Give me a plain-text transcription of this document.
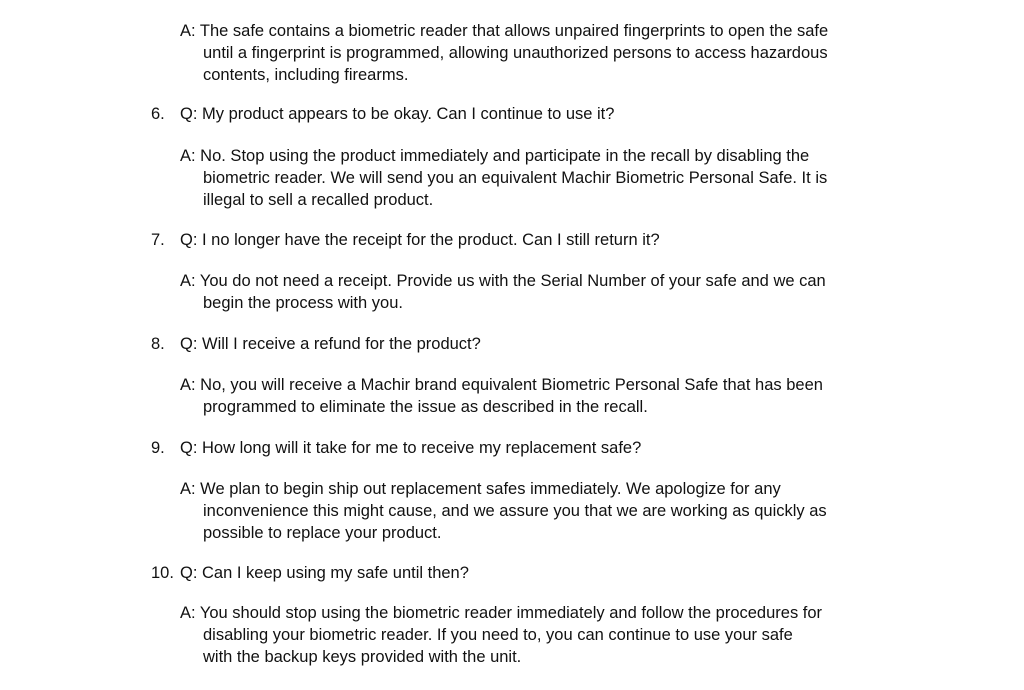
A: The safe contains a biometric reader that allows unpaired fingerprints to open the safe
until a fingerprint is programmed, allowing unauthorized persons to access hazardous
contents, including firearms.
6. Q: My product appears to be okay. Can I continue to use it?
A: No. Stop using the product immediately and participate in the recall by disabling the
biometric reader. We will send you an equivalent Machir Biometric Personal Safe. It is
illegal to sell a recalled product.
7. Q: I no longer have the receipt for the product. Can I still return it?
A: You do not need a receipt. Provide us with the Serial Number of your safe and we can
begin the process with you.
8. Q: Will I receive a refund for the product?
A: No, you will receive a Machir brand equivalent Biometric Personal Safe that has been
programmed to eliminate the issue as described in the recall.
9. Q: How long will it take for me to receive my replacement safe?
A: We plan to begin ship out replacement safes immediately. We apologize for any
inconvenience this might cause, and we assure you that we are working as quickly as
possible to replace your product.
10. Q: Can I keep using my safe until then?
A: You should stop using the biometric reader immediately and follow the procedures for
disabling your biometric reader. If you need to, you can continue to use your safe
with the backup keys provided with the unit.
